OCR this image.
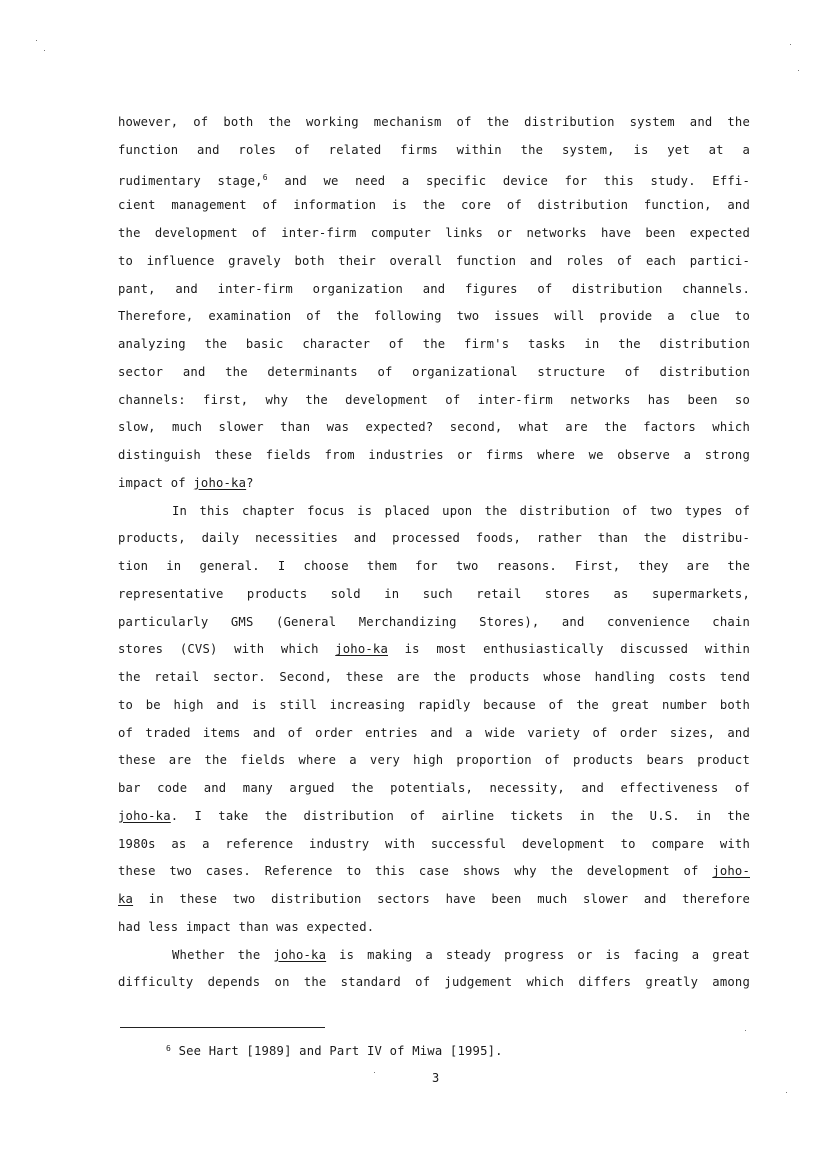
however, of both the working mechanism of the distribution system and the
function and roles of related firms within the system, is yet at a
rudimentary stage,$^6$ and we need a specific device for this study. Effi-
cient management of information is the core of distribution function, and
the development of inter-firm computer links or networks have been expected
to influence gravely both their overall function and roles of each partici-
pant, and inter-firm organization and figures of distribution channels.
Therefore, examination of the following two issues will provide a clue to
analyzing the basic character of the firm's tasks in the distribution
sector and the determinants of organizational structure of distribution
channels: first, why the development of inter-firm networks has been so
slow, much slower than was expected? second, what are the factors which
distinguish these fields from industries or firms where we observe a strong
impact of joho-ka?
In this chapter focus is placed upon the distribution of two types of
products, daily necessities and processed foods, rather than the distribu-
tion in general. I choose them for two reasons. First, they are the
representative products sold in such retail stores as supermarkets,
particularly GMS (General Merchandizing Stores), and convenience chain
stores (CVS) with which joho-ka is most enthusiastically discussed within
the retail sector. Second, these are the products whose handling costs tend
to be high and is still increasing rapidly because of the great number both
of traded items and of order entries and a wide variety of order sizes, and
these are the fields where a very high proportion of products bears product
bar code and many argued the potentials, necessity, and effectiveness of
joho-ka. I take the distribution of airline tickets in the U.S. in the
1980s as a reference industry with successful development to compare with
these two cases. Reference to this case shows why the development of joho-
ka in these two distribution sectors have been much slower and therefore
had less impact than was expected.
Whether the joho-ka is making a steady progress or is facing a great
difficulty depends on the standard of judgement which differs greatly among
$^6$ See Hart [1989] and Part IV of Miwa [1995].
3
